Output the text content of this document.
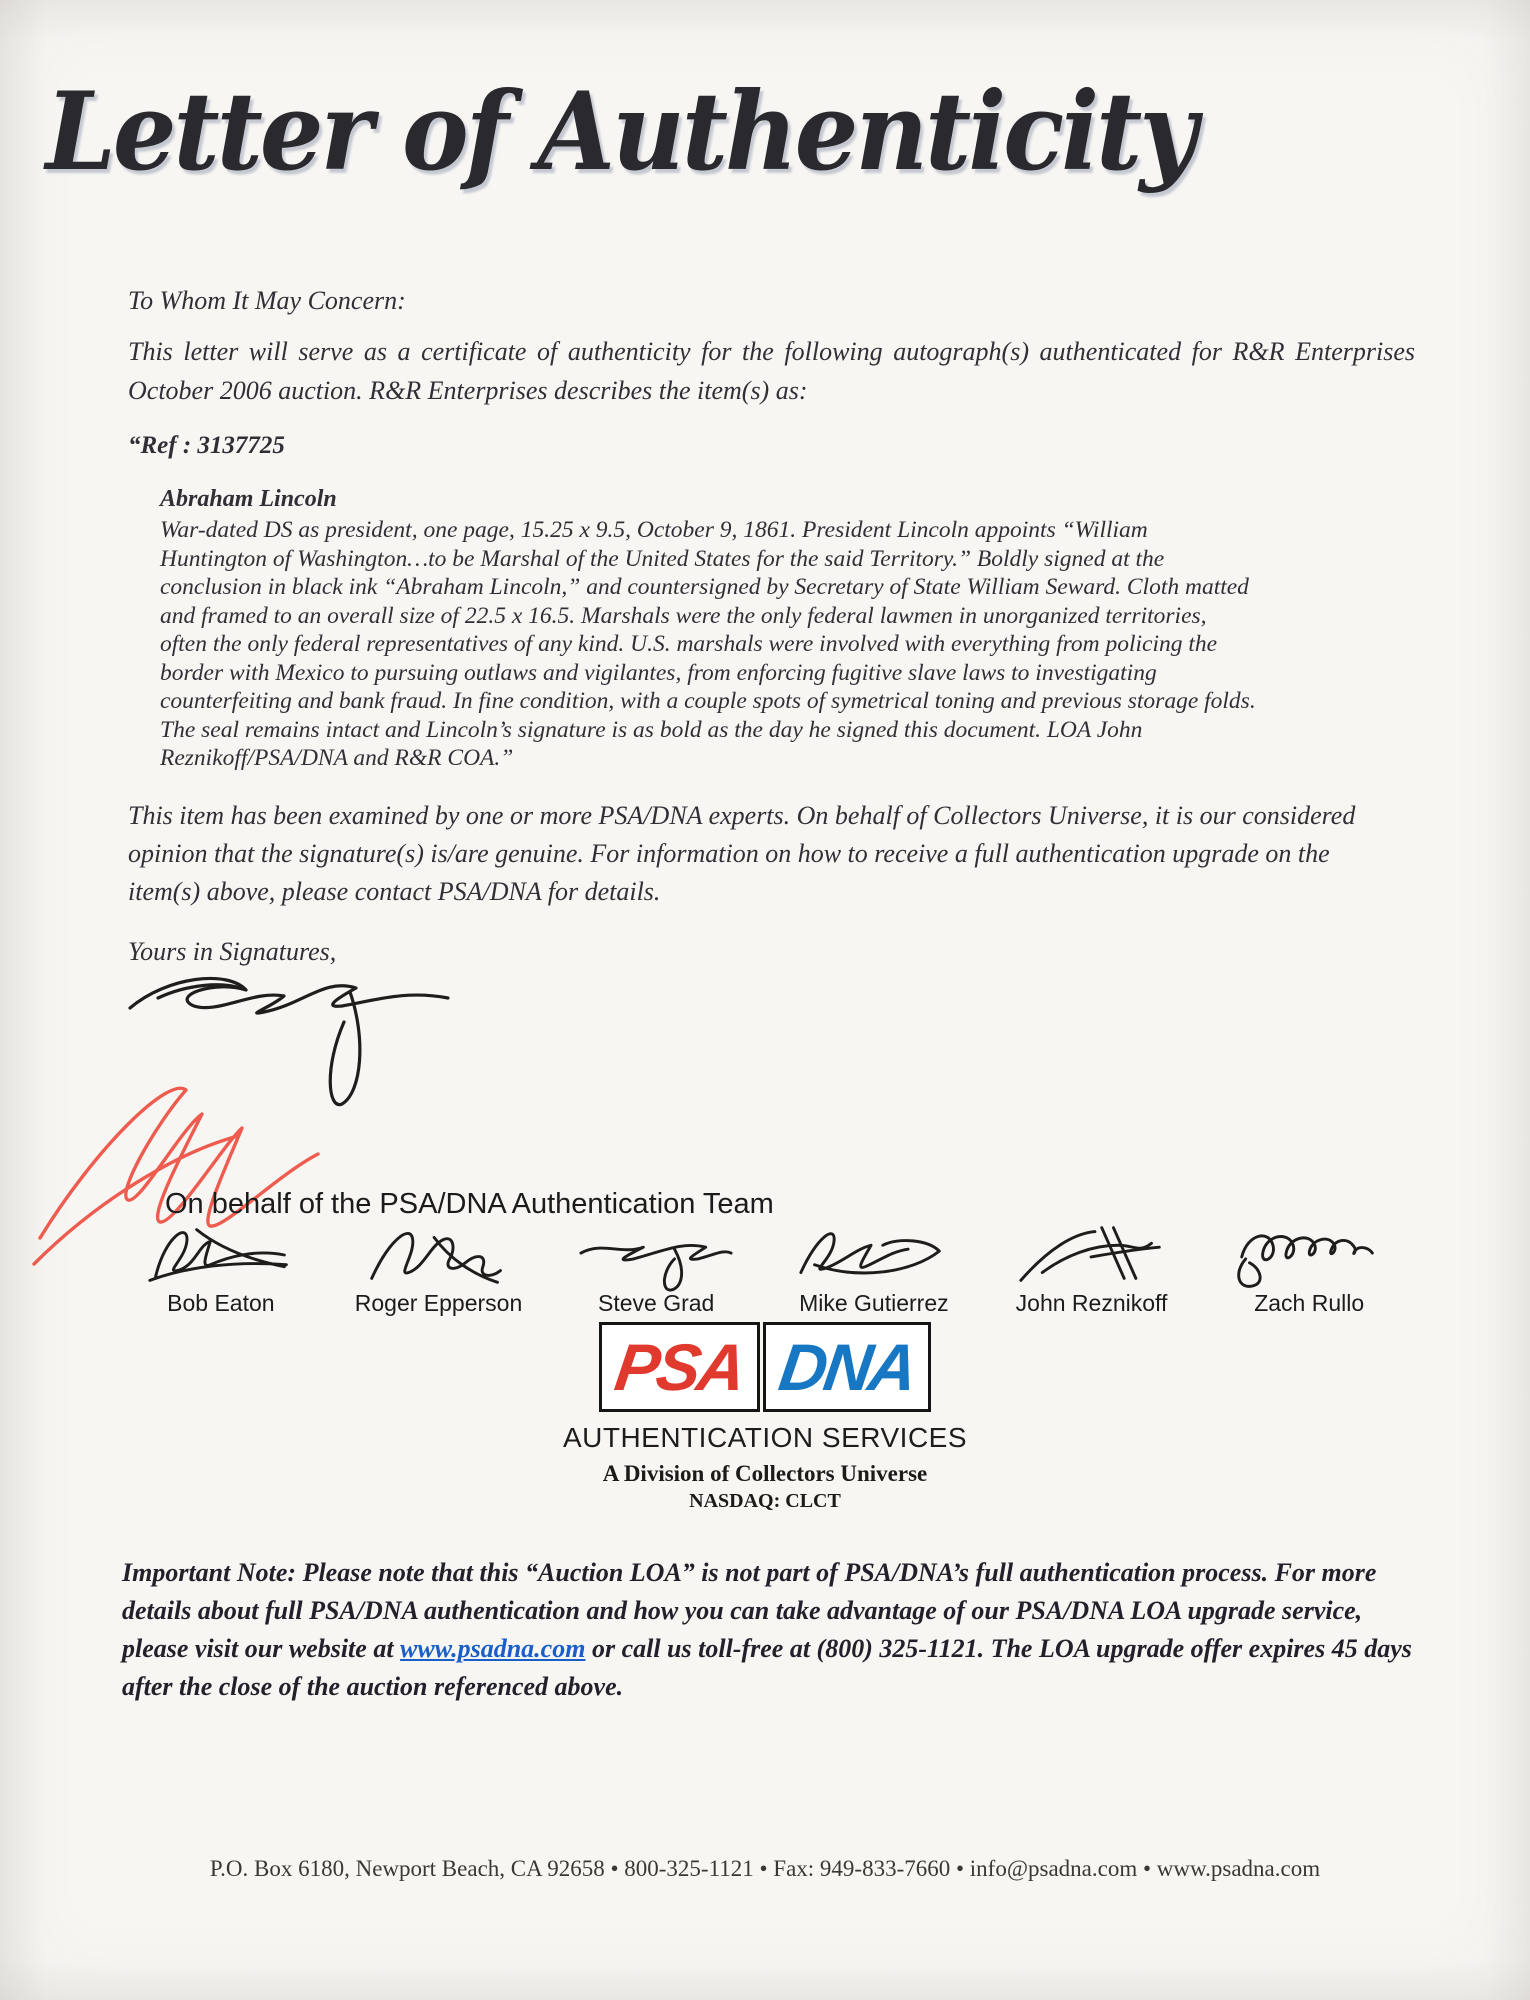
Letter of Authenticity
To Whom It May Concern:
This letter will serve as a certificate of authenticity for the following autograph(s) authenticated for R&R Enterprises October 2006 auction. R&R Enterprises describes the item(s) as:
“Ref : 3137725
Abraham Lincoln
War-dated DS as president, one page, 15.25 x 9.5, October 9, 1861. President Lincoln appoints “William Huntington of Washington…to be Marshal of the United States for the said Territory.” Boldly signed at the conclusion in black ink “Abraham Lincoln,” and countersigned by Secretary of State William Seward. Cloth matted and framed to an overall size of 22.5 x 16.5. Marshals were the only federal lawmen in unorganized territories, often the only federal representatives of any kind. U.S. marshals were involved with everything from policing the border with Mexico to pursuing outlaws and vigilantes, from enforcing fugitive slave laws to investigating counterfeiting and bank fraud. In fine condition, with a couple spots of symetrical toning and previous storage folds. The seal remains intact and Lincoln’s signature is as bold as the day he signed this document. LOA John Reznikoff/PSA/DNA and R&R COA.”
This item has been examined by one or more PSA/DNA experts. On behalf of Collectors Universe, it is our considered opinion that the signature(s) is/are genuine. For information on how to receive a full authentication upgrade on the item(s) above, please contact PSA/DNA for details.
Yours in Signatures,
On behalf of the PSA/DNA Authentication Team
Bob Eaton	Roger Epperson	Steve Grad	Mike Gutierrez	John Reznikoff	Zach Rullo
PSA DNA
AUTHENTICATION SERVICES
A Division of Collectors Universe
NASDAQ: CLCT
Important Note: Please note that this “Auction LOA” is not part of PSA/DNA’s full authentication process. For more details about full PSA/DNA authentication and how you can take advantage of our PSA/DNA LOA upgrade service, please visit our website at www.psadna.com or call us toll-free at (800) 325-1121. The LOA upgrade offer expires 45 days after the close of the auction referenced above.
P.O. Box 6180, Newport Beach, CA 92658 • 800-325-1121 • Fax: 949-833-7660 • info@psadna.com • www.psadna.com
